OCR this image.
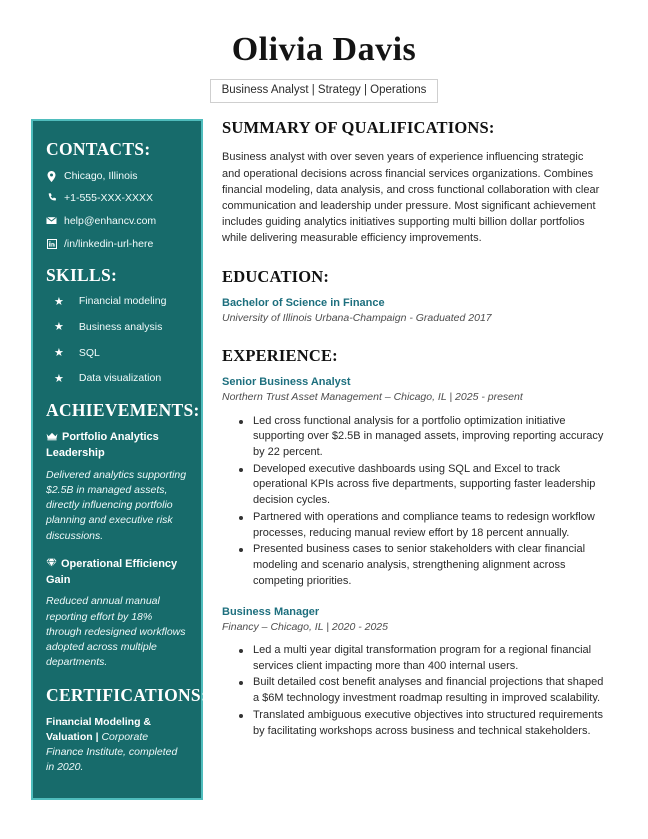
Olivia Davis
Business Analyst | Strategy | Operations
CONTACTS:
Chicago, Illinois
+1-555-XXX-XXXX
help@enhancv.com
/in/linkedin-url-here
SKILLS:
★ Financial modeling
★ Business analysis
★ SQL
★ Data visualization
ACHIEVEMENTS:
Portfolio Analytics Leadership
Delivered analytics supporting $2.5B in managed assets, directly influencing portfolio planning and executive risk discussions.
Operational Efficiency Gain
Reduced annual manual reporting effort by 18% through redesigned workflows adopted across multiple departments.
CERTIFICATIONS:
Financial Modeling & Valuation | Corporate Finance Institute, completed in 2020.
SUMMARY OF QUALIFICATIONS:

Business analyst with over seven years of experience influencing strategic and operational decisions across financial services organizations. Combines financial modeling, data analysis, and cross functional collaboration with clear communication and leadership under pressure. Most significant achievement includes guiding analytics initiatives supporting multi billion dollar portfolios while delivering measurable efficiency improvements.

EDUCATION:
Bachelor of Science in Finance
University of Illinois Urbana-Champaign - Graduated 2017
EXPERIENCE:
Senior Business Analyst
Northern Trust Asset Management – Chicago, IL | 2025 - present
Led cross functional analysis for a portfolio optimization initiative supporting over $2.5B in managed assets, improving reporting accuracy by 22 percent.
Developed executive dashboards using SQL and Excel to track operational KPIs across five departments, supporting faster leadership decision cycles.
Partnered with operations and compliance teams to redesign workflow processes, reducing manual review effort by 18 percent annually.
Presented business cases to senior stakeholders with clear financial modeling and scenario analysis, strengthening alignment across competing priorities.
Business Manager
Financy – Chicago, IL | 2020 - 2025
Led a multi year digital transformation program for a regional financial services client impacting more than 400 internal users.
Built detailed cost benefit analyses and financial projections that shaped a $6M technology investment roadmap resulting in improved scalability.
Translated ambiguous executive objectives into structured requirements by facilitating workshops across business and technical stakeholders.
